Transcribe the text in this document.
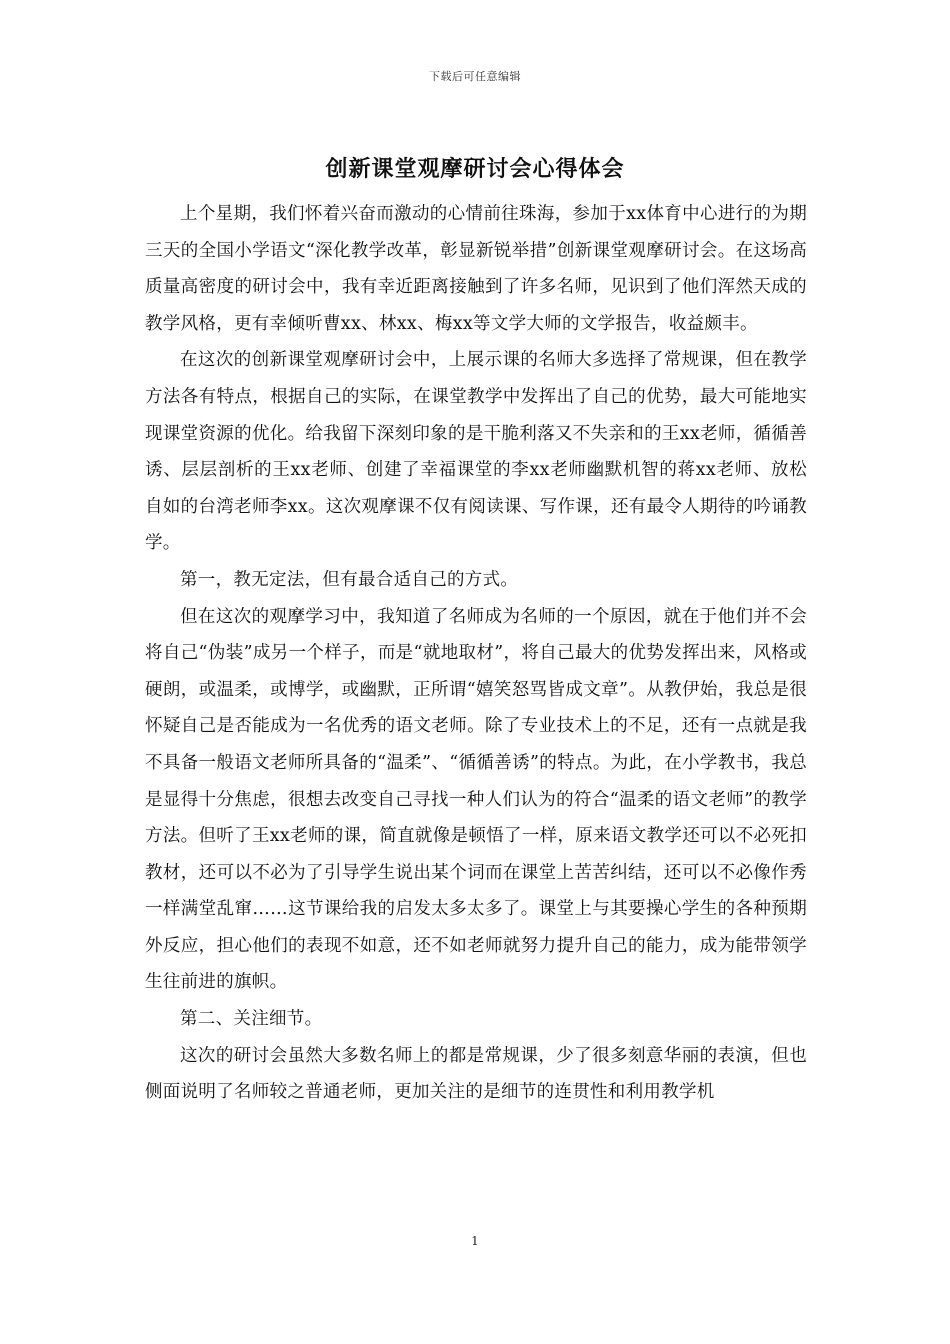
下载后可任意编辑
创新课堂观摩研讨会心得体会

上个星期，我们怀着兴奋而激动的心情前往珠海，参加于xx体育中心进行的为期三天的全国小学语文“深化教学改革，彰显新锐举措”创新课堂观摩研讨会。在这场高质量高密度的研讨会中，我有幸近距离接触到了许多名师，见识到了他们浑然天成的教学风格，更有幸倾听曹xx、林xx、梅xx等文学大师的文学报告，收益颇丰。

在这次的创新课堂观摩研讨会中，上展示课的名师大多选择了常规课，但在教学方法各有特点，根据自己的实际，在课堂教学中发挥出了自己的优势，最大可能地实现课堂资源的优化。给我留下深刻印象的是干脆利落又不失亲和的王xx老师，循循善诱、层层剖析的王xx老师、创建了幸福课堂的李xx老师幽默机智的蒋xx老师、放松自如的台湾老师李xx。这次观摩课不仅有阅读课、写作课，还有最令人期待的吟诵教学。

第一，教无定法，但有最合适自己的方式。

但在这次的观摩学习中，我知道了名师成为名师的一个原因，就在于他们并不会将自己“伪装”成另一个样子，而是“就地取材”，将自己最大的优势发挥出来，风格或硬朗，或温柔，或博学，或幽默，正所谓“嬉笑怒骂皆成文章”。从教伊始，我总是很怀疑自己是否能成为一名优秀的语文老师。除了专业技术上的不足，还有一点就是我不具备一般语文老师所具备的“温柔”、“循循善诱”的特点。为此，在小学教书，我总是显得十分焦虑，很想去改变自己寻找一种人们认为的符合“温柔的语文老师”的教学方法。但听了王xx老师的课，简直就像是顿悟了一样，原来语文教学还可以不必死扣教材，还可以不必为了引导学生说出某个词而在课堂上苦苦纠结，还可以不必像作秀一样满堂乱窜……这节课给我的启发太多太多了。课堂上与其要操心学生的各种预期外反应，担心他们的表现不如意，还不如老师就努力提升自己的能力，成为能带领学生往前进的旗帜。

第二、关注细节。

这次的研讨会虽然大多数名师上的都是常规课，少了很多刻意华丽的表演，但也侧面说明了名师较之普通老师，更加关注的是细节的连贯性和利用教学机

1
